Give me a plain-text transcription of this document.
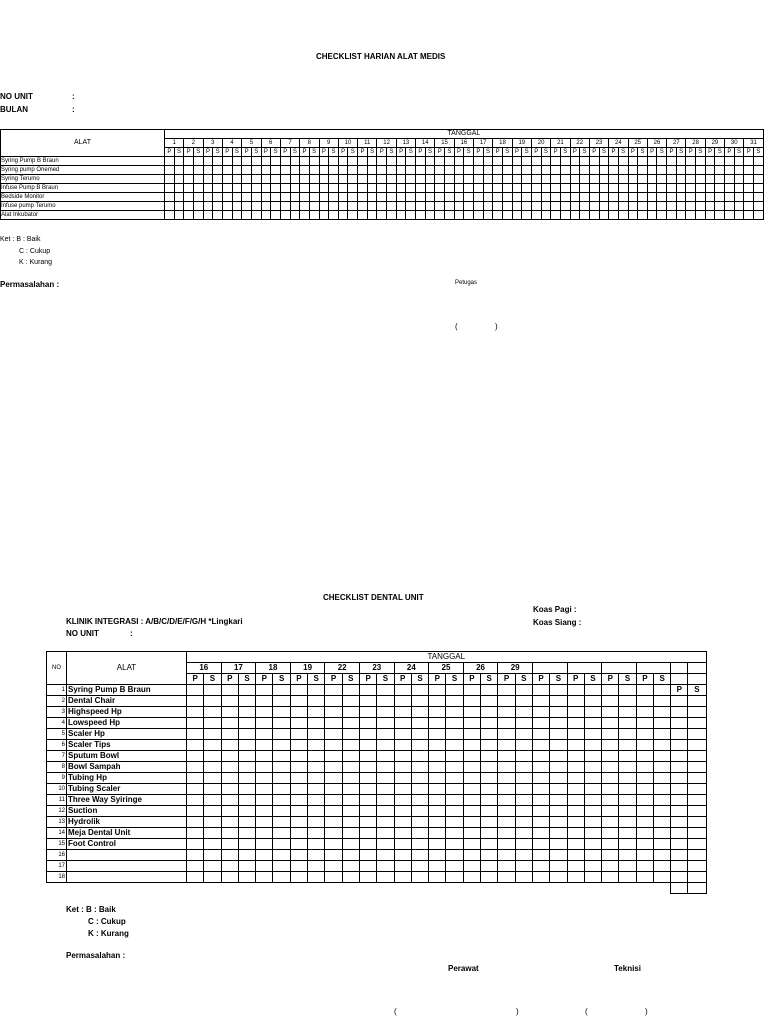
CHECKLIST HARIAN ALAT MEDIS
NO UNIT	:
BULAN	:
ALAT	TANGGAL																																																													
	1		2		3		4		5		6		7		8		9		10		11		12		13		14		15		16		17		18		19		20		21		22		23		24		25		26		27		28		29		30		31	
	P	S	P	S	P	S	P	S	P	S	P	S	P	S	P	S	P	S	P	S	P	S	P	S	P	S	P	S	P	S	P	S	P	S	P	S	P	S	P	S	P	S	P	S	P	S	P	S	P	S	P	S	P	S	P	S	P	S	P	S	P	S
Syring Pump B Braun																																																														
Syring pump Onemed																																																														
Syring Terumo																																																														
Infuse Pump B Braun																																																														
Bedside Monitor																																																														
Infuse pump Terumo																																																														
Alat Inkubator																																																														
Ket : B : Baik
C : Cukup
K : Kurang
Permasalahan :	Petugas
(	)
CHECKLIST DENTAL UNIT
Koas Pagi :
Koas Siang :
KLINIK INTEGRASI : A/B/C/D/E/F/G/H *Lingkari
NO UNIT	:
NO	ALAT	TANGGAL																													
		16		17		18		19		22		23		24		25		26		29											
		P	S	P	S	P	S	P	S	P	S	P	S	P	S	P	S	P	S	P	S	P	S	P	S	P	S	P	S		
1	Syring Pump B Braun																													P	S
2	Dental Chair																														
3	Highspeed Hp																														
4	Lowspeed Hp																														
5	Scaler Hp																														
6	Scaler Tips																														
7	Sputum Bowl																														
8	Bowl Sampah																														
9	Tubing Hp																														
10	Tubing Scaler																														
11	Three Way Syiringe																														
12	Suction																														
13	Hydrolik																														
14	Meja Dental Unit																														
15	Foot Control																														
16																															
17																															
18																															

Ket : B : Baik
C : Cukup
K : Kurang
Permasalahan :
Perawat	Teknisi
(	)	(	)
